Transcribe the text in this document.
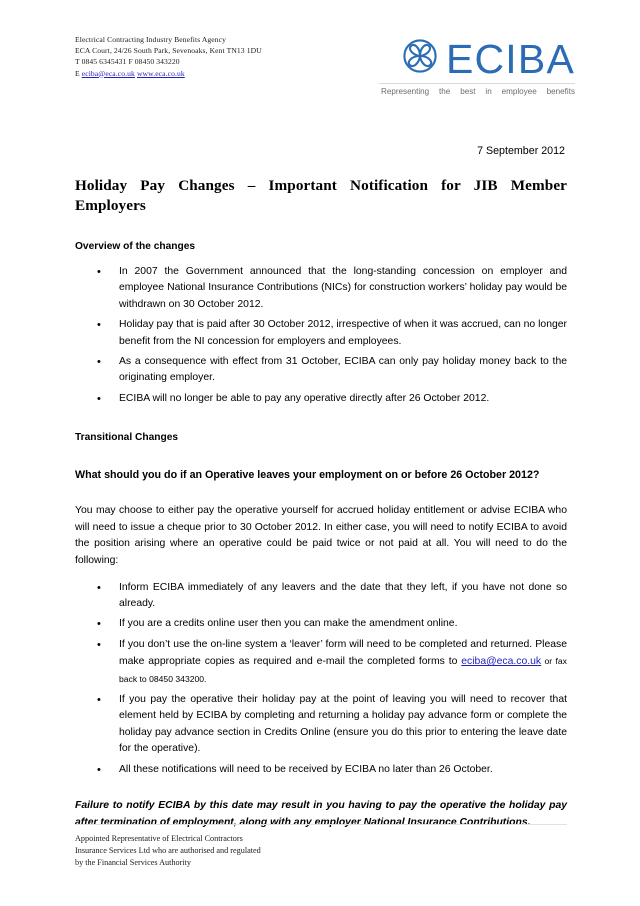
Electrical Contracting Industry Benefits Agency
ECA Court, 24/26 South Park, Sevenoaks, Kent TN13 1DU
T 0845 6345431 F 08450 343220
E eciba@eca.co.uk www.eca.co.uk	ECIBA
Representing the best in employee benefits
7 September 2012
Holiday Pay Changes – Important Notification for JIB Member Employers
Overview of the changes
• In 2007 the Government announced that the long-standing concession on employer and employee National Insurance Contributions (NICs) for construction workers’ holiday pay would be withdrawn on 30 October 2012.
• Holiday pay that is paid after 30 October 2012, irrespective of when it was accrued, can no longer benefit from the NI concession for employers and employees.
• As a consequence with effect from 31 October, ECIBA can only pay holiday money back to the originating employer.
• ECIBA will no longer be able to pay any operative directly after 26 October 2012.
Transitional Changes
What should you do if an Operative leaves your employment on or before 26 October 2012?

You may choose to either pay the operative yourself for accrued holiday entitlement or advise ECIBA who will need to issue a cheque prior to 30 October 2012. In either case, you will need to notify ECIBA to avoid the position arising where an operative could be paid twice or not paid at all. You will need to do the following:

• Inform ECIBA immediately of any leavers and the date that they left, if you have not done so already.
• If you are a credits online user then you can make the amendment online.
• If you don’t use the on-line system a ‘leaver’ form will need to be completed and returned. Please make appropriate copies as required and e-mail the completed forms to eciba@eca.co.uk or fax back to 08450 343200.
• If you pay the operative their holiday pay at the point of leaving you will need to recover that element held by ECIBA by completing and returning a holiday pay advance form or complete the holiday pay advance section in Credits Online (ensure you do this prior to entering the leave date for the operative).
• All these notifications will need to be received by ECIBA no later than 26 October.

Failure to notify ECIBA by this date may result in you having to pay the operative the holiday pay after termination of employment, along with any employer National Insurance Contributions.

Appointed Representative of Electrical Contractors
Insurance Services Ltd who are authorised and regulated
by the Financial Services Authority
